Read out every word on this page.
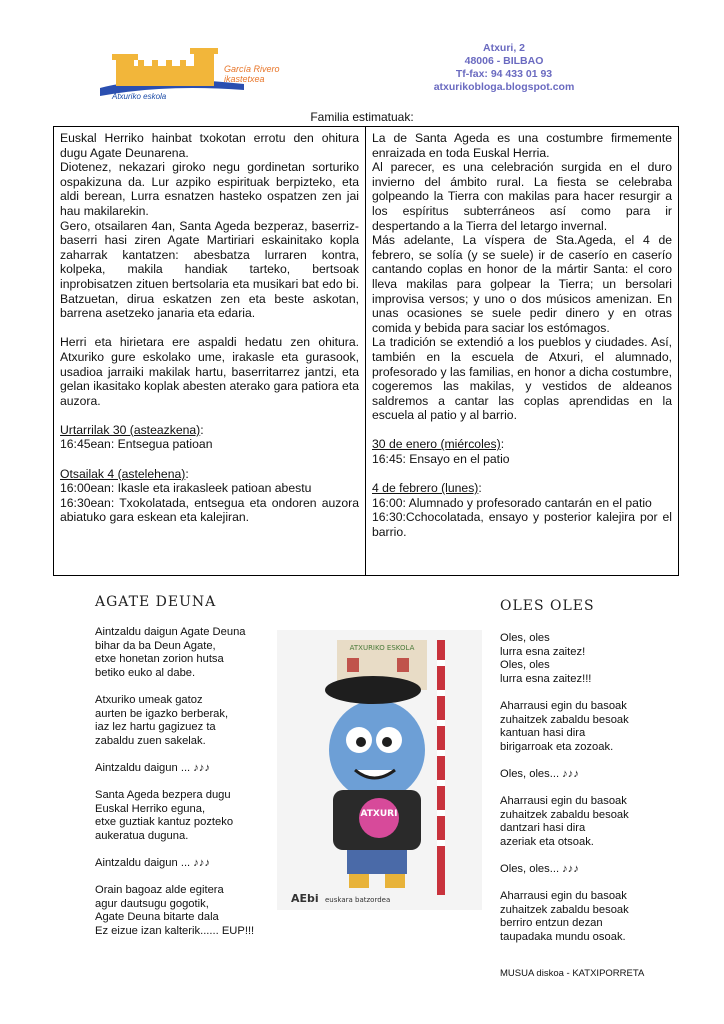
García Rivero
ikastetxea
Atxuriko eskola
Atxuri, 2
48006 - BILBAO
Tf-fax: 94 433 01 93
atxurikobloga.blogspot.com
Familia estimatuak:

Euskal Herriko hainbat txokotan errotu den ohitura dugu Agate Deunarena.

Diotenez, nekazari giroko negu gordinetan sorturiko ospakizuna da. Lur azpiko espirituak berpizteko, eta aldi berean, Lurra esnatzen hasteko ospatzen zen jai hau makilarekin.

Gero, otsailaren 4an, Santa Ageda bezperaz, baserriz-baserri hasi ziren Agate Martiriari eskainitako kopla zaharrak kantatzen: abesbatza lurraren kontra, kolpeka, makila handiak tarteko, bertsoak inprobisatzen zituen bertsolaria eta musikari bat edo bi. Batzuetan, dirua eskatzen zen eta beste askotan, barrena asetzeko janaria eta edaria.

Herri eta hirietara ere aspaldi hedatu zen ohitura. Atxuriko gure eskolako ume, irakasle eta gurasook, usadioa jarraiki makilak hartu, baserritarrez jantzi, eta gelan ikasitako koplak abesten aterako gara patiora eta auzora.

Urtarrilak 30 (asteazkena):

16:45ean: Entsegua patioan

Otsailak 4 (astelehena):

16:00ean: Ikasle eta irakasleek patioan abestu

16:30ean: Txokolatada, entsegua eta ondoren auzora abiatuko gara eskean eta kalejiran.

La de Santa Ageda es una costumbre firmemente enraizada en toda Euskal Herria.

Al parecer, es una celebración surgida en el duro invierno del ámbito rural. La fiesta se celebraba golpeando la Tierra con makilas para hacer resurgir a los espíritus subterráneos así como para ir despertando a la Tierra del letargo invernal.

Más adelante, La víspera de Sta.Ageda, el 4 de febrero, se solía (y se suele) ir de caserío en caserío cantando coplas en honor de la mártir Santa: el coro lleva makilas para golpear la Tierra; un bersolari improvisa versos; y uno o dos músicos amenizan. En unas ocasiones se suele pedir dinero y en otras comida y bebida para saciar los estómagos.

La tradición se extendió a los pueblos y ciudades. Así, también en la escuela de Atxuri, el alumnado, profesorado y las familias, en honor a dicha costumbre, cogeremos las makilas, y vestidos de aldeanos saldremos a cantar las coplas aprendidas en la escuela al patio y al barrio.

30 de enero (miércoles):

16:45: Ensayo en el patio

4 de febrero (lunes):

16:00: Alumnado y profesorado cantarán en el patio

16:30:Cchocolatada, ensayo y posterior kalejira por el barrio.

AGATE DEUNA

Aintzaldu daigun Agate Deuna

bihar da ba Deun Agate,

etxe honetan zorion hutsa

betiko euko al dabe.

Atxuriko umeak gatoz

aurten be igazko berberak,

iaz lez hartu gagizuez ta

zabaldu zuen sakelak.

Aintzaldu daigun ... ♪♪♪

Santa Ageda bezpera dugu

Euskal Herriko eguna,

etxe guztiak kantuz pozteko

aukeratua duguna.

Aintzaldu daigun ... ♪♪♪

Orain bagoaz alde egitera

agur dautsugu gogotik,

Agate Deuna bitarte dala

Ez eizue izan kalterik...... EUP!!!

ATXURIKO ESKOLA
ATXURI
AEbi euskara batzordea
OLES OLES

Oles, oles

lurra esna zaitez!

Oles, oles

lurra esna zaitez!!!

Aharrausi egin du basoak

zuhaitzek zabaldu besoak

kantuan hasi dira

birigarroak eta zozoak.

Oles, oles... ♪♪♪

Aharrausi egin du basoak

zuhaitzek zabaldu besoak

dantzari hasi dira

azeriak eta otsoak.

Oles, oles... ♪♪♪

Aharrausi egin du basoak

zuhaitzek zabaldu besoak

berriro entzun dezan

taupadaka mundu osoak.

MUSUA diskoa - KATXIPORRETA
